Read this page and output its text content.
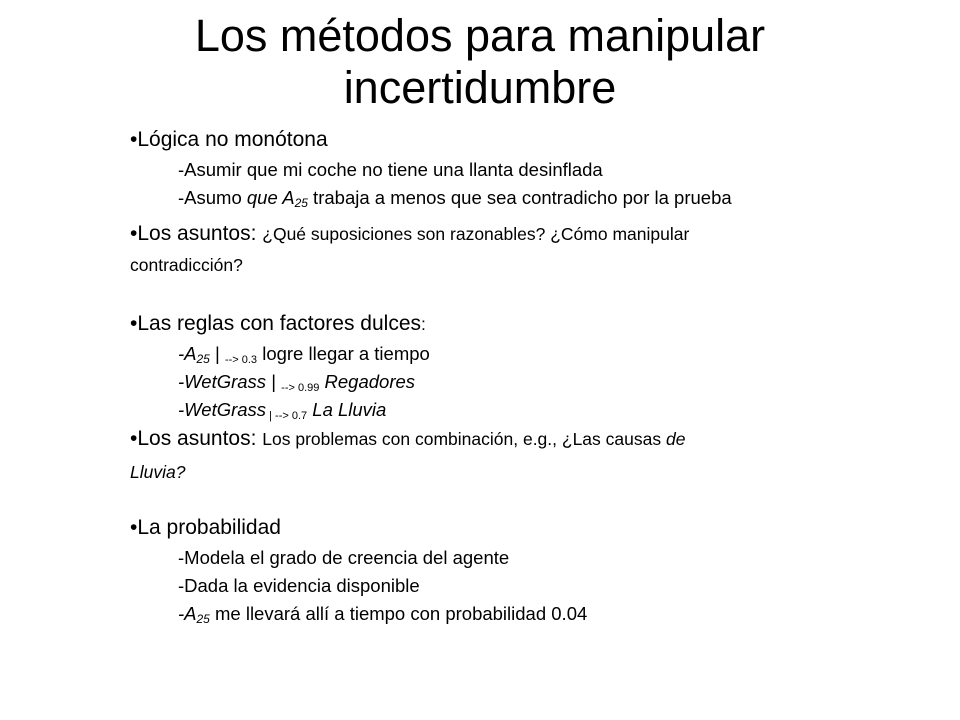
Los métodos para manipular
incertidumbre
•Lógica no monótona
-Asumir que mi coche no tiene una llanta desinflada
-Asumo que $A_{25}$ trabaja a menos que sea contradicho por la prueba
•Los asuntos: ¿Qué suposiciones son razonables? ¿Cómo manipular
contradicción?
•Las reglas con factores dulces:
$-A_{25}$ | $_{--> 0.3}$ logre llegar a tiempo
-WetGrass | $_{--> 0.99}$ Regadores
-WetGrass $_{| --> 0.7}$ La Lluvia
•Los asuntos: Los problemas con combinación, e.g., ¿Las causas de
Lluvia?
•La probabilidad
-Modela el grado de creencia del agente
-Dada la evidencia disponible
$-A_{25}$ me llevará allí a tiempo con probabilidad 0.04
